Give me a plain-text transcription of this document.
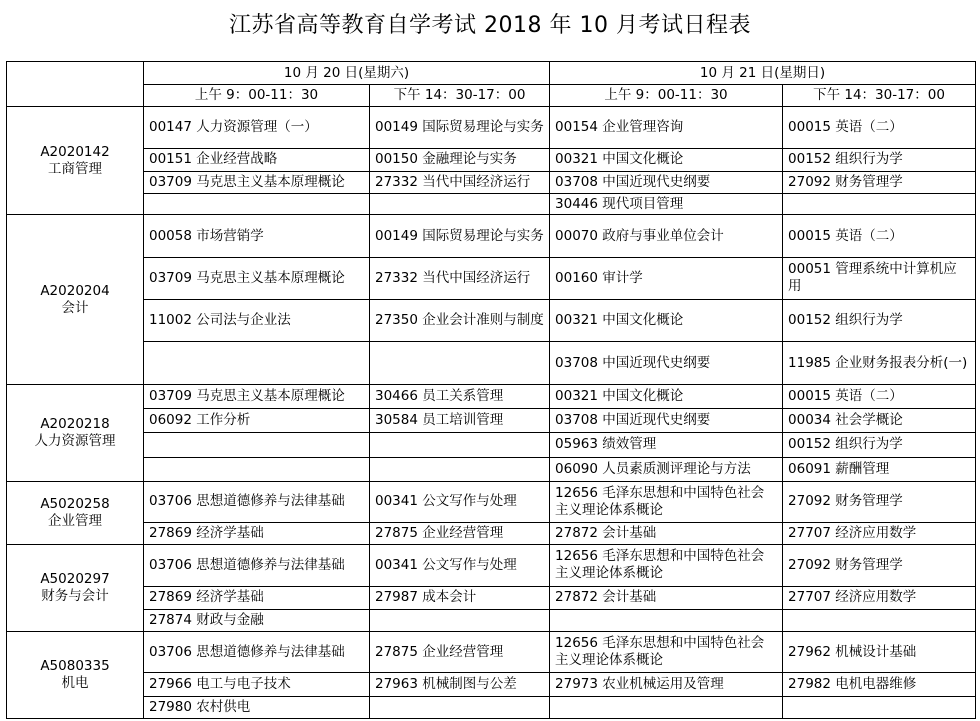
江苏省高等教育自学考试 2018 年 10 月考试日程表
	10 月 20 日(星期六)		10 月 21 日(星期日)	
	上午 9：00-11：30	下午 14：30-17：00	上午 9：00-11：30	下午 14：30-17：00

A2020142
工商管理	00147 人力资源管理（一）	00149 国际贸易理论与实务	00154 企业管理咨询	00015 英语（二）
	00151 企业经营战略	00150 金融理论与实务	00321 中国文化概论	00152 组织行为学
	03709 马克思主义基本原理概论	27332 当代中国经济运行	03708 中国近现代史纲要	27092 财务管理学
			30446 现代项目管理	

A2020204
会计	00058 市场营销学	00149 国际贸易理论与实务	00070 政府与事业单位会计	00015 英语（二）
	03709 马克思主义基本原理概论	27332 当代中国经济运行	00160 审计学	00051 管理系统中计算机应用
	11002 公司法与企业法	27350 企业会计准则与制度	00321 中国文化概论	00152 组织行为学
			03708 中国近现代史纲要	11985 企业财务报表分析(一)

A2020218
人力资源管理	03709 马克思主义基本原理概论	30466 员工关系管理	00321 中国文化概论	00015 英语（二）
	06092 工作分析	30584 员工培训管理	03708 中国近现代史纲要	00034 社会学概论
			05963 绩效管理	00152 组织行为学
			06090 人员素质测评理论与方法	06091 薪酬管理

A5020258
企业管理	03706 思想道德修养与法律基础	00341 公文写作与处理	12656 毛泽东思想和中国特色社会主义理论体系概论	27092 财务管理学
	27869 经济学基础	27875 企业经营管理	27872 会计基础	27707 经济应用数学

A5020297
财务与会计	03706 思想道德修养与法律基础	00341 公文写作与处理	12656 毛泽东思想和中国特色社会主义理论体系概论	27092 财务管理学
	27869 经济学基础	27987 成本会计	27872 会计基础	27707 经济应用数学
	27874 财政与金融			

A5080335
机电	03706 思想道德修养与法律基础	27875 企业经营管理	12656 毛泽东思想和中国特色社会主义理论体系概论	27962 机械设计基础
	27966 电工与电子技术	27963 机械制图与公差	27973 农业机械运用及管理	27982 电机电器维修
	27980 农村供电			
